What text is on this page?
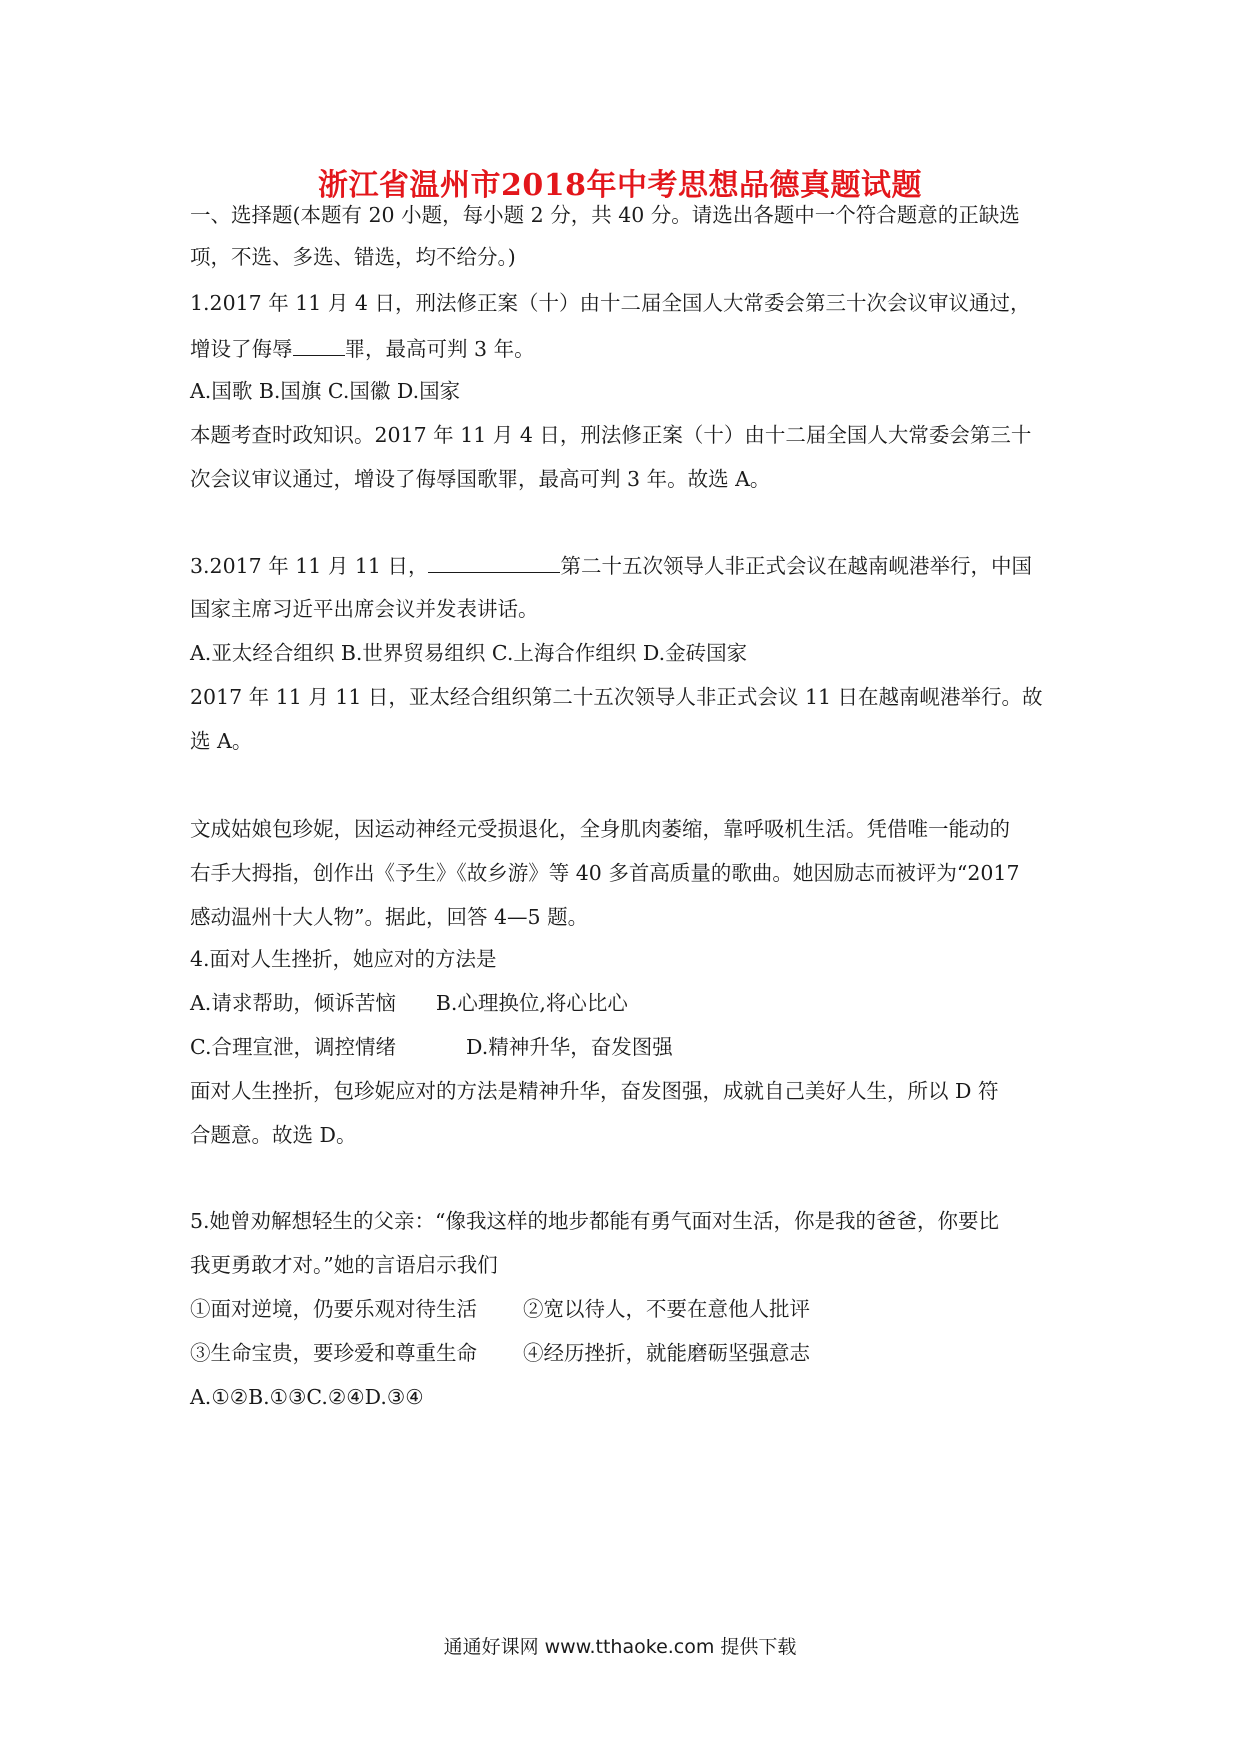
浙江省温州市2018年中考思想品德真题试题
一、选择题(本题有 20 小题，每小题 2 分，共 40 分。请选出各题中一个符合题意的正缺选
项，不选、多选、错选，均不给分。)
1.2017 年 11 月 4 日，刑法修正案（十）由十二届全国人大常委会第三十次会议审议通过，
增设了侮辱	罪，最高可判 3 年。
A.国歌 B.国旗 C.国徽 D.国家
本题考查时政知识。2017 年 11 月 4 日，刑法修正案（十）由十二届全国人大常委会第三十
次会议审议通过，增设了侮辱国歌罪，最高可判 3 年。故选 A。
3.2017 年 11 月 11 日，	第二十五次领导人非正式会议在越南岘港举行，中国
国家主席习近平出席会议并发表讲话。
A.亚太经合组织 B.世界贸易组织 C.上海合作组织 D.金砖国家
2017 年 11 月 11 日，亚太经合组织第二十五次领导人非正式会议 11 日在越南岘港举行。故
选 A。
文成姑娘包珍妮，因运动神经元受损退化，全身肌肉萎缩，靠呼吸机生活。凭借唯一能动的
右手大拇指，创作出《予生》《故乡游》等 40 多首高质量的歌曲。她因励志而被评为“2017
感动温州十大人物”。据此，回答 4—5 题。
4.面对人生挫折，她应对的方法是
A.请求帮助，倾诉苦恼 B.心理换位,将心比心
C.合理宣泄，调控情绪	D.精神升华，奋发图强
面对人生挫折，包珍妮应对的方法是精神升华，奋发图强，成就自己美好人生，所以 D 符
合题意。故选 D。
5.她曾劝解想轻生的父亲：“像我这样的地步都能有勇气面对生活，你是我的爸爸，你要比
我更勇敢才对。”她的言语启示我们
①面对逆境，仍要乐观对待生活 ②宽以待人，不要在意他人批评
③生命宝贵，要珍爱和尊重生命 ④经历挫折，就能磨砺坚强意志
A.①②B.①③C.②④D.③④
通通好课网 www.tthaoke.com 提供下载
